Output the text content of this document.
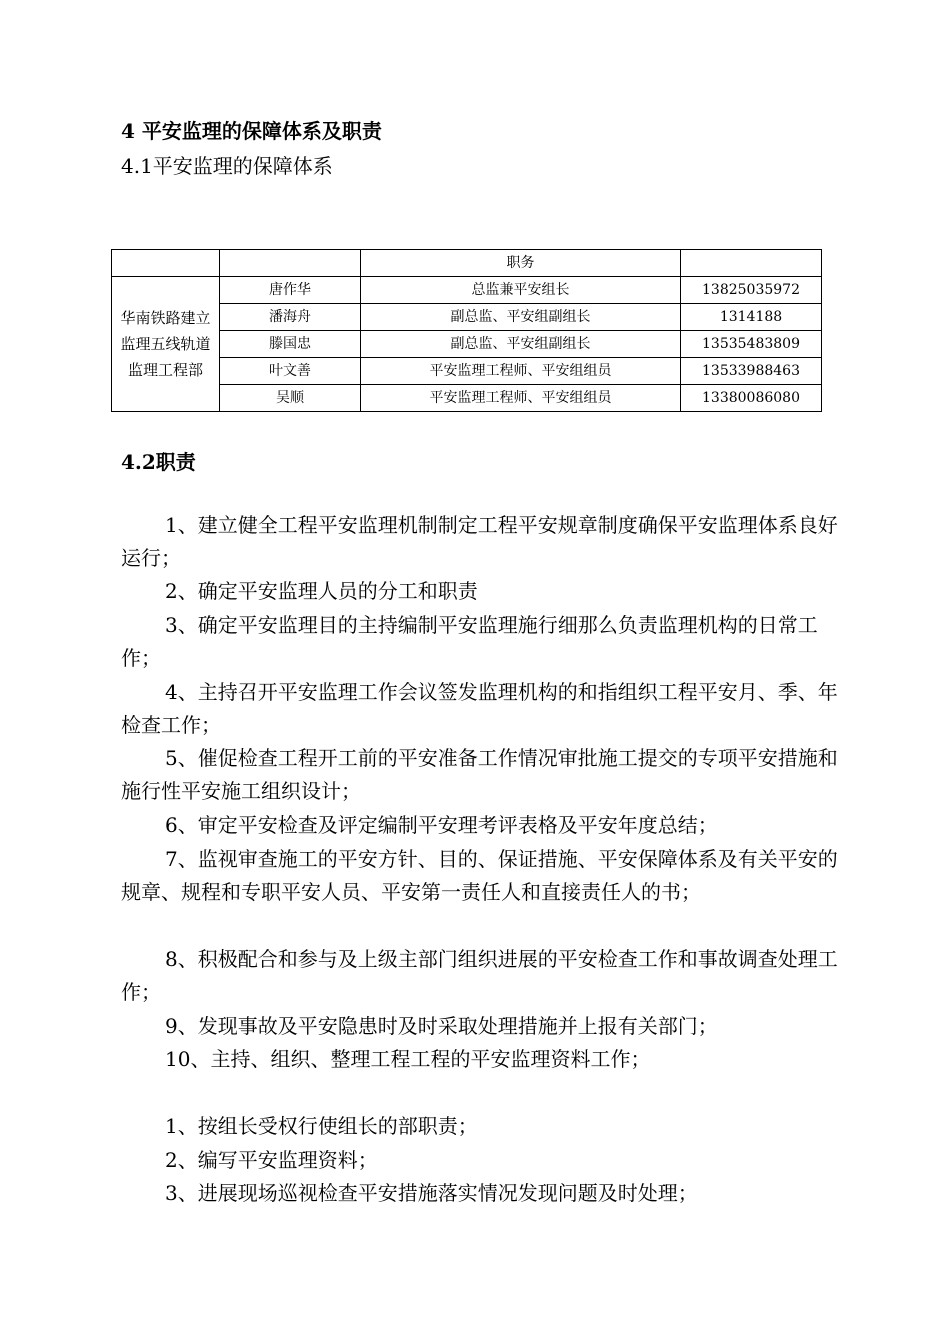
4 平安监理的保障体系及职责
4.1平安监理的保障体系
		职务	

华南铁路建立监理五线轨道监理工程部	唐作华	总监兼平安组长	13825035972
	潘海舟	副总监、平安组副组长	1314188
	滕国忠	副总监、平安组副组长	13535483809
	叶文善	平安监理工程师、平安组组员	13533988463
	吴顺	平安监理工程师、平安组组员	13380086080
4.2职责

1、建立健全工程平安监理机制制定工程平安规章制度确保平安监理体系良好运行；

2、确定平安监理人员的分工和职责

3、确定平安监理目的主持编制平安监理施行细那么负责监理机构的日常工作；

4、主持召开平安监理工作会议签发监理机构的和指组织工程平安月、季、年检查工作；

5、催促检查工程开工前的平安准备工作情况审批施工提交的专项平安措施和施行性平安施工组织设计；

6、审定平安检查及评定编制平安理考评表格及平安年度总结；

7、监视审查施工的平安方针、目的、保证措施、平安保障体系及有关平安的规章、规程和专职平安人员、平安第一责任人和直接责任人的书；

8、积极配合和参与及上级主部门组织进展的平安检查工作和事故调查处理工作；

9、发现事故及平安隐患时及时采取处理措施并上报有关部门；

10、主持、组织、整理工程工程的平安监理资料工作；

1、按组长受权行使组长的部职责；
2、编写平安监理资料；
3、进展现场巡视检查平安措施落实情况发现问题及时处理；
